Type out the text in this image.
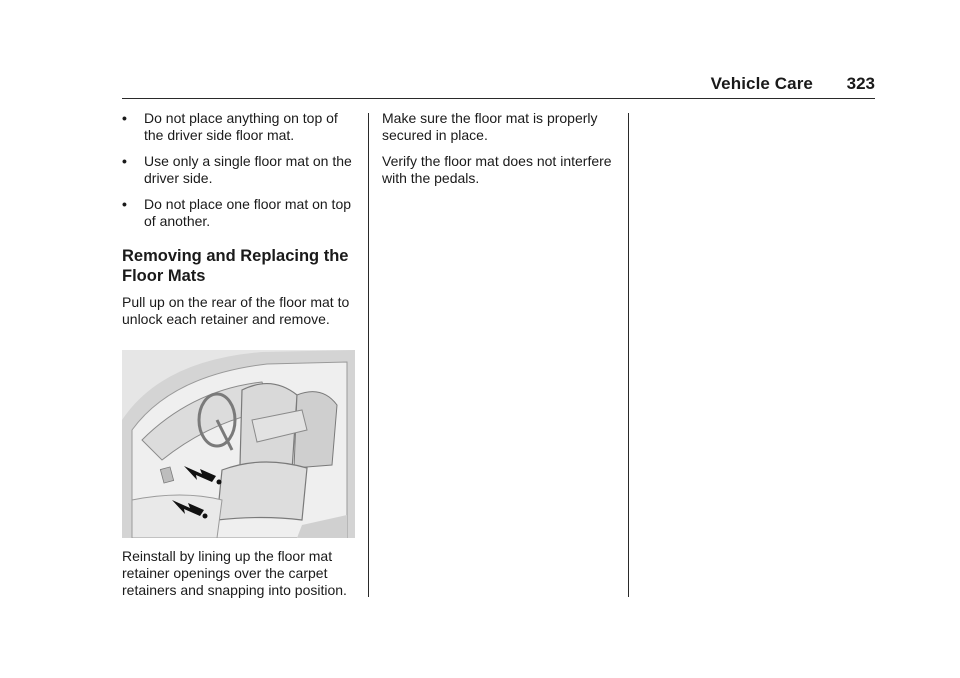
Vehicle Care 323
• Do not place anything on top of the driver side floor mat.
• Use only a single floor mat on the driver side.
• Do not place one floor mat on top of another.
Removing and Replacing the Floor Mats

Pull up on the rear of the floor mat to unlock each retainer and remove.

Reinstall by lining up the floor mat retainer openings over the carpet retainers and snapping into position.

Make sure the floor mat is properly secured in place.

Verify the floor mat does not interfere with the pedals.
